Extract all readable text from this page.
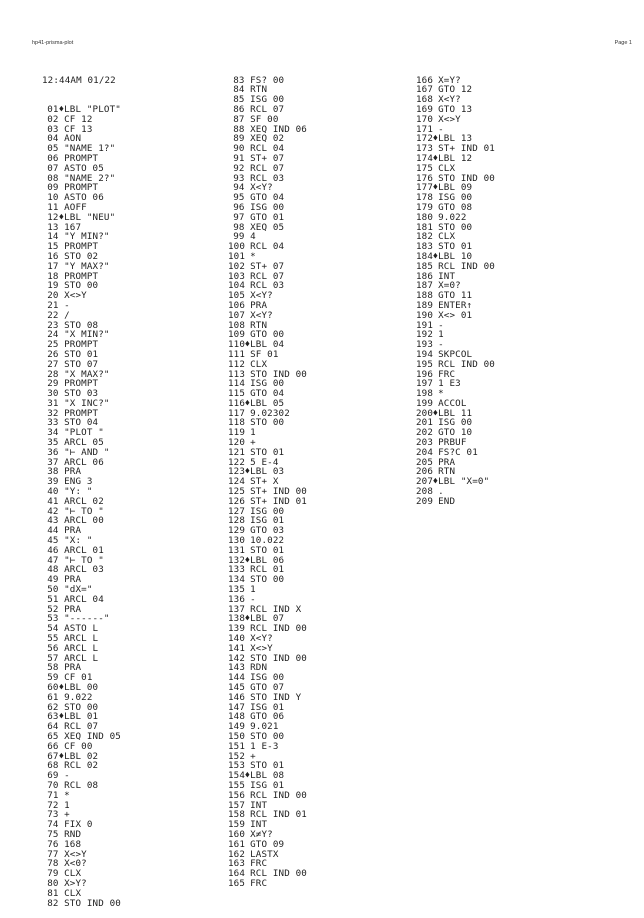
hp41-prisma-plot	Page 1

12:44AM 01/22

01♦LBL "PLOT"
02 CF 12
03 CF 13
04 AON
05 "NAME 1?"
06 PROMPT
07 ASTO 05
08 "NAME 2?"
09 PROMPT
10 ASTO 06
11 AOFF
12♦LBL "NEU"
13 167
14 "Y MIN?"
15 PROMPT
16 STO 02
17 "Y MAX?"
18 PROMPT
19 STO 00
20 X<>Y
21 -
22 /
23 STO 08
24 "X MIN?"
25 PROMPT
26 STO 01
27 STO 07
28 "X MAX?"
29 PROMPT
30 STO 03
31 "X INC?"
32 PROMPT
33 STO 04
34 "PLOT "
35 ARCL 05
36 "⊢ AND "
37 ARCL 06
38 PRA
39 ENG 3
40 "Y: "
41 ARCL 02
42 "⊢ TO "
43 ARCL 00
44 PRA
45 "X: "
46 ARCL 01
47 "⊢ TO "
48 ARCL 03
49 PRA
50 "dX="
51 ARCL 04
52 PRA
53 "------"
54 ASTO L
55 ARCL L
56 ARCL L
57 ARCL L
58 PRA
59 CF 01
60♦LBL 00
61 9.022
62 STO 00
63♦LBL 01
64 RCL 07
65 XEQ IND 05
66 CF 00
67♦LBL 02
68 RCL 02
69 -
70 RCL 08
71 *
72 1
73 +
74 FIX 0
75 RND
76 168
77 X<>Y
78 X<0?
79 CLX
80 X>Y?
81 CLX
82 STO IND 00

83 FS? 00
84 RTN
85 ISG 00
86 RCL 07
87 SF 00
88 XEQ IND 06
89 XEQ 02
90 RCL 04
91 ST+ 07
92 RCL 07
93 RCL 03
94 X<Y?
95 GTO 04
96 ISG 00
97 GTO 01
98 XEQ 05
99 4
100 RCL 04
101 *
102 ST+ 07
103 RCL 07
104 RCL 03
105 X<Y?
106 PRA
107 X<Y?
108 RTN
109 GTO 00
110♦LBL 04
111 SF 01
112 CLX
113 STO IND 00
114 ISG 00
115 GTO 04
116♦LBL 05
117 9.02302
118 STO 00
119 1
120 +
121 STO 01
122 5 E-4
123♦LBL 03
124 ST+ X
125 ST+ IND 00
126 ST+ IND 01
127 ISG 00
128 ISG 01
129 GTO 03
130 10.022
131 STO 01
132♦LBL 06
133 RCL 01
134 STO 00
135 1
136 -
137 RCL IND X
138♦LBL 07
139 RCL IND 00
140 X<Y?
141 X<>Y
142 STO IND 00
143 RDN
144 ISG 00
145 GTO 07
146 STO IND Y
147 ISG 01
148 GTO 06
149 9.021
150 STO 00
151 1 E-3
152 +
153 STO 01
154♦LBL 08
155 ISG 01
156 RCL IND 00
157 INT
158 RCL IND 01
159 INT
160 X≠Y?
161 GTO 09
162 LASTX
163 FRC
164 RCL IND 00
165 FRC

166 X=Y?
167 GTO 12
168 X<Y?
169 GTO 13
170 X<>Y
171 -
172♦LBL 13
173 ST+ IND 01
174♦LBL 12
175 CLX
176 STO IND 00
177♦LBL 09
178 ISG 00
179 GTO 08
180 9.022
181 STO 00
182 CLX
183 STO 01
184♦LBL 10
185 RCL IND 00
186 INT
187 X=0?
188 GTO 11
189 ENTER↑
190 X<> 01
191 -
192 1
193 -
194 SKPCOL
195 RCL IND 00
196 FRC
197 1 E3
198 *
199 ACCOL
200♦LBL 11
201 ISG 00
202 GTO 10
203 PRBUF
204 FS?C 01
205 PRA
206 RTN
207♦LBL "X=0"
208 .
209 END
